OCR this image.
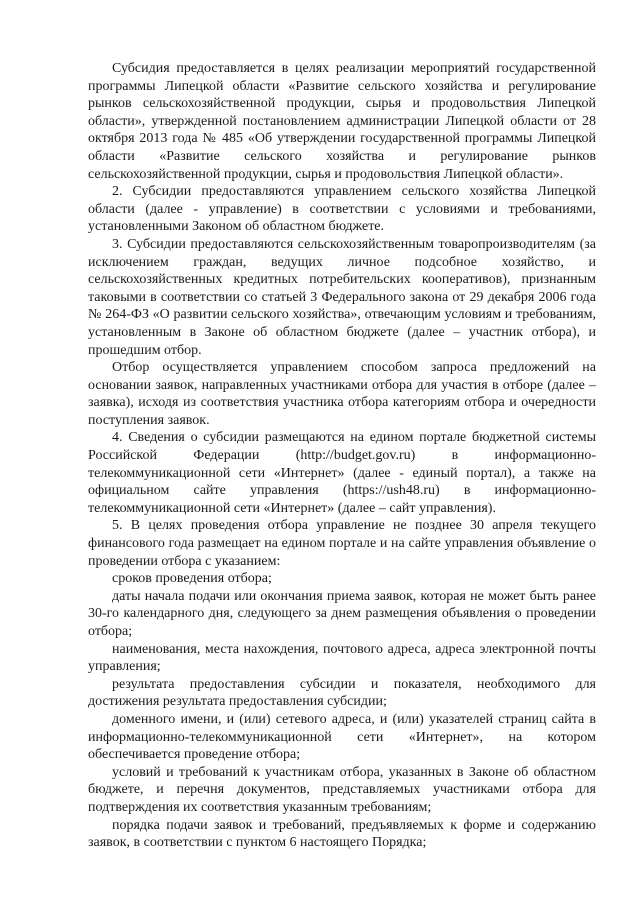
Субсидия предоставляется в целях реализации мероприятий государственной программы Липецкой области «Развитие сельского хозяйства и регулирование рынков сельскохозяйственной продукции, сырья и продовольствия Липецкой области», утвержденной постановлением администрации Липецкой области от 28 октября 2013 года № 485 «Об утверждении государственной программы Липецкой области «Развитие сельского хозяйства и регулирование рынков сельскохозяйственной продукции, сырья и продовольствия Липецкой области».

2. Субсидии предоставляются управлением сельского хозяйства Липецкой области (далее - управление) в соответствии с условиями и требованиями, установленными Законом об областном бюджете.

3. Субсидии предоставляются сельскохозяйственным товаропроизводителям (за исключением граждан, ведущих личное подсобное хозяйство, и сельскохозяйственных кредитных потребительских кооперативов), признанным таковыми в соответствии со статьей 3 Федерального закона от 29 декабря 2006 года № 264-ФЗ «О развитии сельского хозяйства», отвечающим условиям и требованиям, установленным в Законе об областном бюджете (далее – участник отбора), и прошедшим отбор.

Отбор осуществляется управлением способом запроса предложений на основании заявок, направленных участниками отбора для участия в отборе (далее – заявка), исходя из соответствия участника отбора категориям отбора и очередности поступления заявок.

4. Сведения о субсидии размещаются на едином портале бюджетной системы Российской Федерации (http://budget.gov.ru) в информационно-телекоммуникационной сети «Интернет» (далее - единый портал), а также на официальном сайте управления (https://ush48.ru) в информационно-телекоммуникационной сети «Интернет» (далее – сайт управления).

5. В целях проведения отбора управление не позднее 30 апреля текущего финансового года размещает на едином портале и на сайте управления объявление о проведении отбора с указанием:

сроков проведения отбора;

даты начала подачи или окончания приема заявок, которая не может быть ранее 30-го календарного дня, следующего за днем размещения объявления о проведении отбора;

наименования, места нахождения, почтового адреса, адреса электронной почты управления;

результата предоставления субсидии и показателя, необходимого для достижения результата предоставления субсидии;

доменного имени, и (или) сетевого адреса, и (или) указателей страниц сайта в информационно-телекоммуникационной сети «Интернет», на котором обеспечивается проведение отбора;

условий и требований к участникам отбора, указанных в Законе об областном бюджете, и перечня документов, представляемых участниками отбора для подтверждения их соответствия указанным требованиям;

порядка подачи заявок и требований, предъявляемых к форме и содержанию заявок, в соответствии с пунктом 6 настоящего Порядка;
